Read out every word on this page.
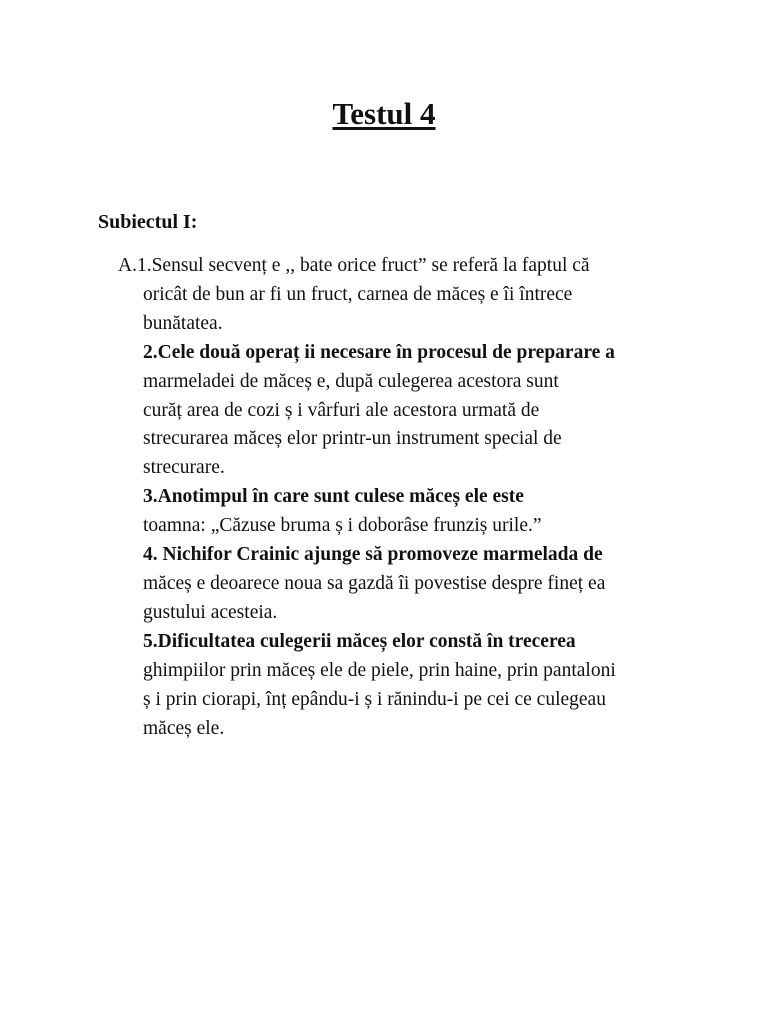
Testul 4
Subiectul I:
A.1.Sensul secvenț e ,, bate orice fruct” se referă la faptul că
oricât de bun ar fi un fruct, carnea de măceș e îi întrece
bunătatea.
2.Cele două operaț ii necesare în procesul de preparare a
marmeladei de măceș e, după culegerea acestora sunt
curăț area de cozi ș i vârfuri ale acestora urmată de
strecurarea măceș elor printr-un instrument special de
strecurare.
3.Anotimpul în care sunt culese măceș ele este
toamna: „Căzuse bruma ș i doborâse frunziș urile.”
4. Nichifor Crainic ajunge să promoveze marmelada de
măceș e deoarece noua sa gazdă îi povestise despre fineț ea
gustului acesteia.
5.Dificultatea culegerii măceș elor constă în trecerea
ghimpiilor prin măceș ele de piele, prin haine, prin pantaloni
ș i prin ciorapi, înț epându-i ș i rănindu-i pe cei ce culegeau
măceș ele.
